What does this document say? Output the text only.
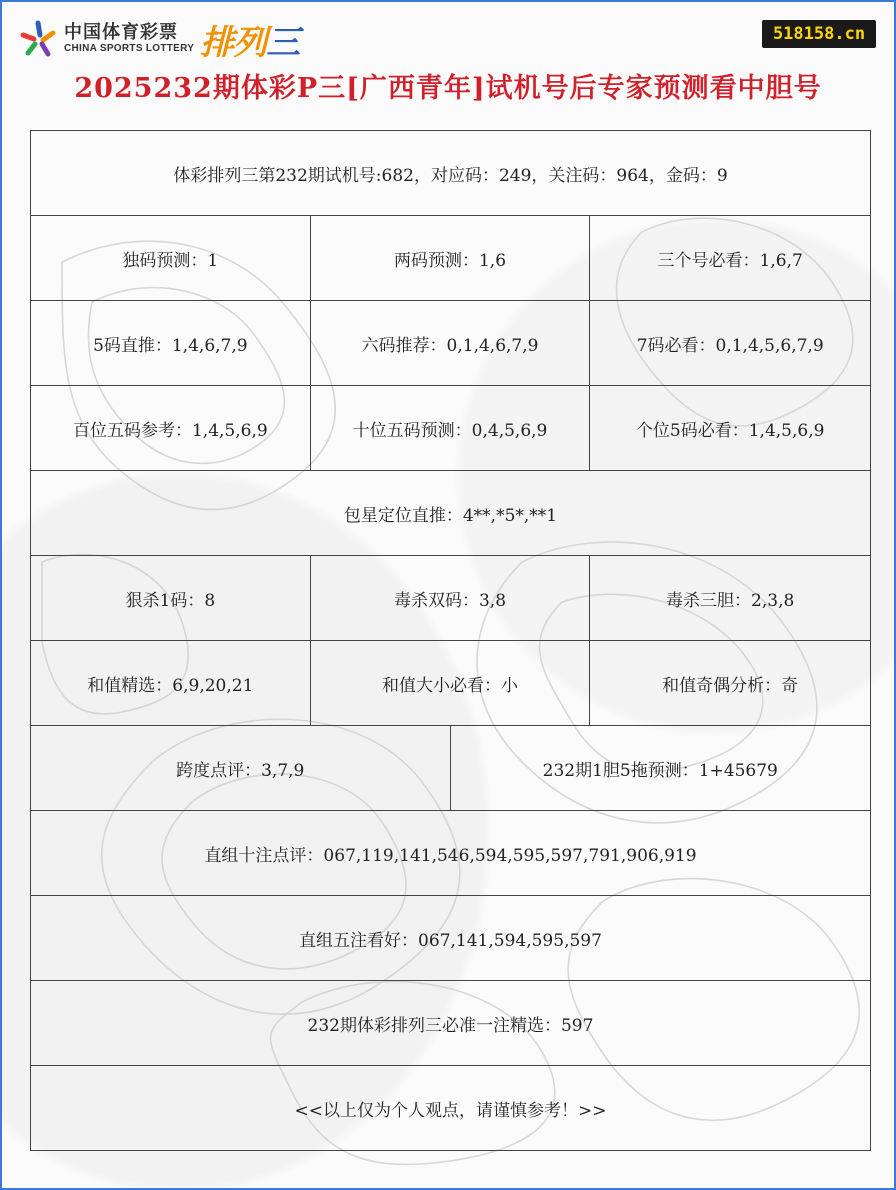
中国体育彩票
CHINA SPORTS LOTTERY 排列三	518158.cn
2025232期体彩P三[广西青年]试机号后专家预测看中胆号
体彩排列三第232期试机号:682，对应码：249，关注码：964，金码：9
独码预测：1	两码预测：1,6	三个号必看：1,6,7
5码直推：1,4,6,7,9	六码推荐：0,1,4,6,7,9	7码必看：0,1,4,5,6,7,9
百位五码参考：1,4,5,6,9	十位五码预测：0,4,5,6,9	个位5码必看：1,4,5,6,9
包星定位直推：4**,*5*,**1
狠杀1码：8	毒杀双码：3,8	毒杀三胆：2,3,8
和值精选：6,9,20,21	和值大小必看：小	和值奇偶分析：奇
跨度点评：3,7,9	232期1胆5拖预测：1+45679
直组十注点评：067,119,141,546,594,595,597,791,906,919
直组五注看好：067,141,594,595,597
232期体彩排列三必准一注精选：597
<<以上仅为个人观点，请谨慎参考！>>
